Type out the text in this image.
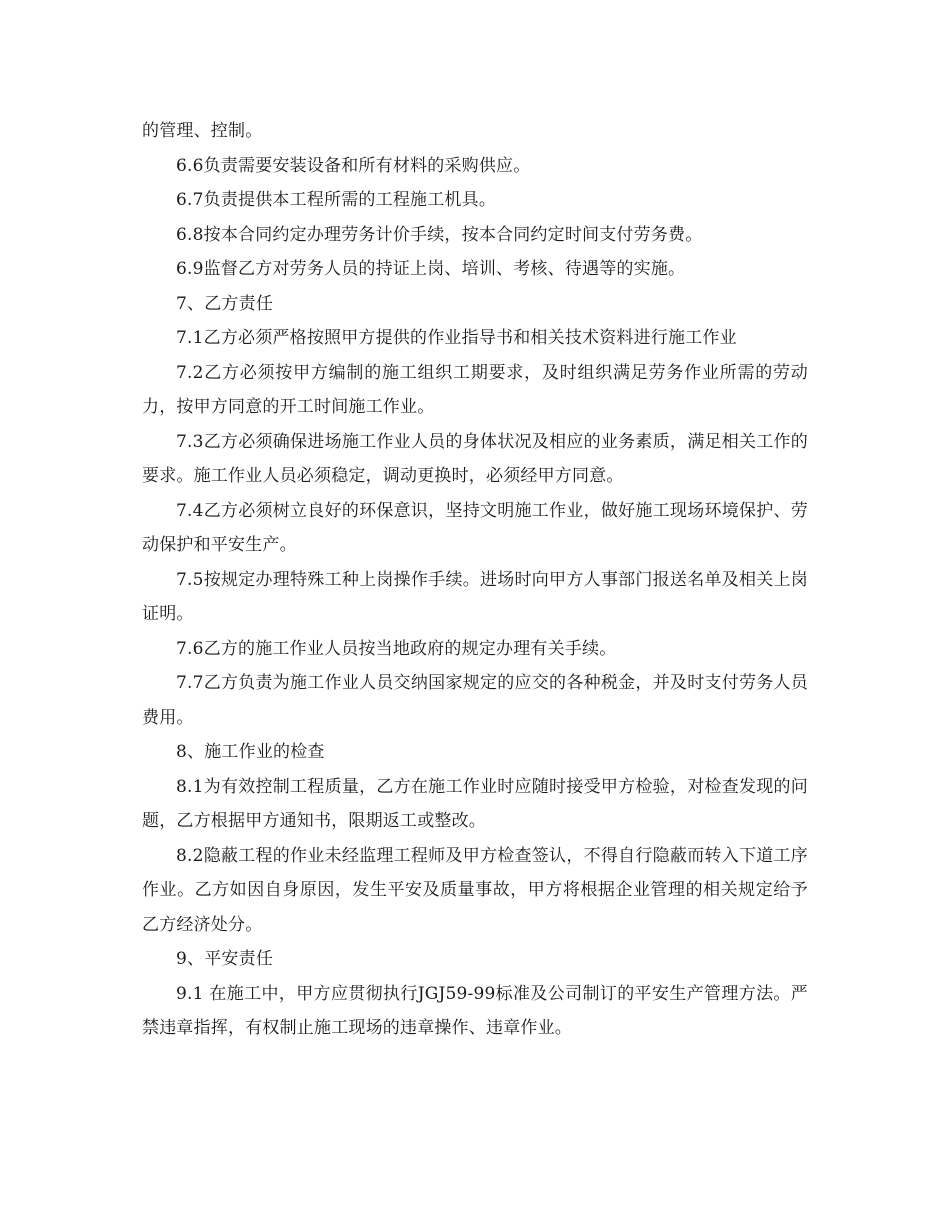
的管理、控制。

6.6负责需要安装设备和所有材料的采购供应。

6.7负责提供本工程所需的工程施工机具。

6.8按本合同约定办理劳务计价手续，按本合同约定时间支付劳务费。

6.9监督乙方对劳务人员的持证上岗、培训、考核、待遇等的实施。

7、乙方责任

7.1乙方必须严格按照甲方提供的作业指导书和相关技术资料进行施工作业

7.2乙方必须按甲方编制的施工组织工期要求，及时组织满足劳务作业所需的劳动力，按甲方同意的开工时间施工作业。

7.3乙方必须确保进场施工作业人员的身体状况及相应的业务素质，满足相关工作的要求。施工作业人员必须稳定，调动更换时，必须经甲方同意。

7.4乙方必须树立良好的环保意识，坚持文明施工作业，做好施工现场环境保护、劳动保护和平安生产。

7.5按规定办理特殊工种上岗操作手续。进场时向甲方人事部门报送名单及相关上岗证明。

7.6乙方的施工作业人员按当地政府的规定办理有关手续。

7.7乙方负责为施工作业人员交纳国家规定的应交的各种税金，并及时支付劳务人员费用。

8、施工作业的检查

8.1为有效控制工程质量，乙方在施工作业时应随时接受甲方检验，对检查发现的问题，乙方根据甲方通知书，限期返工或整改。

8.2隐蔽工程的作业未经监理工程师及甲方检查签认，不得自行隐蔽而转入下道工序作业。乙方如因自身原因，发生平安及质量事故，甲方将根据企业管理的相关规定给予乙方经济处分。

9、平安责任

9.1 在施工中，甲方应贯彻执行JGJ59-99标准及公司制订的平安生产管理方法。严禁违章指挥，有权制止施工现场的违章操作、违章作业。
